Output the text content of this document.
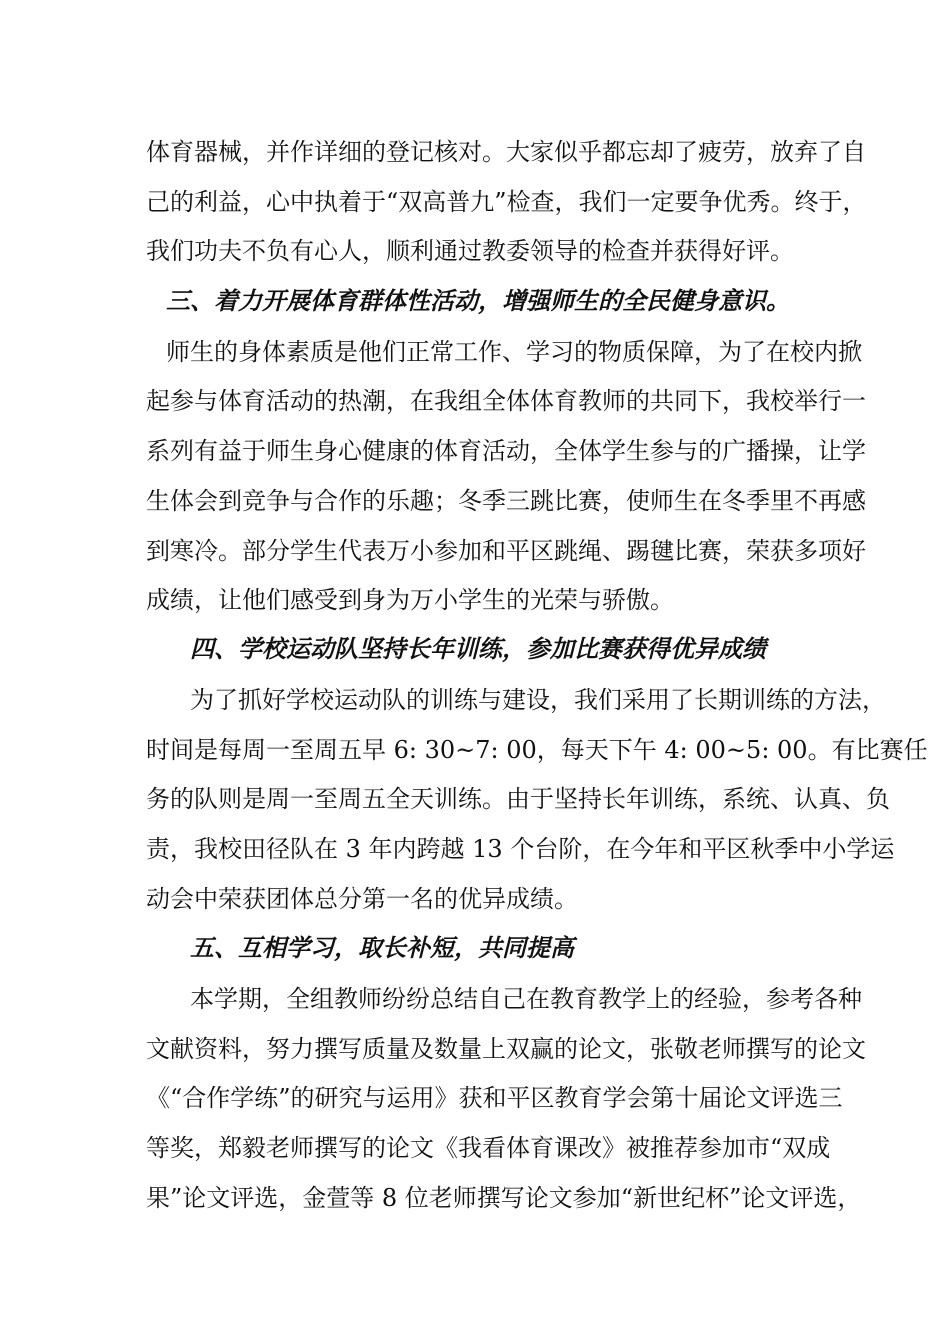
体育器械，并作详细的登记核对。大家似乎都忘却了疲劳，放弃了自
己的利益，心中执着于“双高普九”检查，我们一定要争优秀。终于，
我们功夫不负有心人，顺利通过教委领导的检查并获得好评。
三、着力开展体育群体性活动，增强师生的全民健身意识。
师生的身体素质是他们正常工作、学习的物质保障，为了在校内掀
起参与体育活动的热潮，在我组全体体育教师的共同下，我校举行一
系列有益于师生身心健康的体育活动，全体学生参与的广播操，让学
生体会到竞争与合作的乐趣；冬季三跳比赛，使师生在冬季里不再感
到寒冷。部分学生代表万小参加和平区跳绳、踢毽比赛，荣获多项好
成绩，让他们感受到身为万小学生的光荣与骄傲。
四、学校运动队坚持长年训练，参加比赛获得优异成绩
为了抓好学校运动队的训练与建设，我们采用了长期训练的方法，
时间是每周一至周五早 6: 30~7: 00，每天下午 4: 00~5: 00。有比赛任
务的队则是周一至周五全天训练。由于坚持长年训练，系统、认真、负
责，我校田径队在 3 年内跨越 13 个台阶，在今年和平区秋季中小学运
动会中荣获团体总分第一名的优异成绩。
五、互相学习，取长补短，共同提高
本学期，全组教师纷纷总结自己在教育教学上的经验，参考各种
文献资料，努力撰写质量及数量上双赢的论文，张敬老师撰写的论文
《“合作学练”的研究与运用》获和平区教育学会第十届论文评选三
等奖，郑毅老师撰写的论文《我看体育课改》被推荐参加市“双成
果”论文评选，金萱等 8 位老师撰写论文参加“新世纪杯”论文评选，
